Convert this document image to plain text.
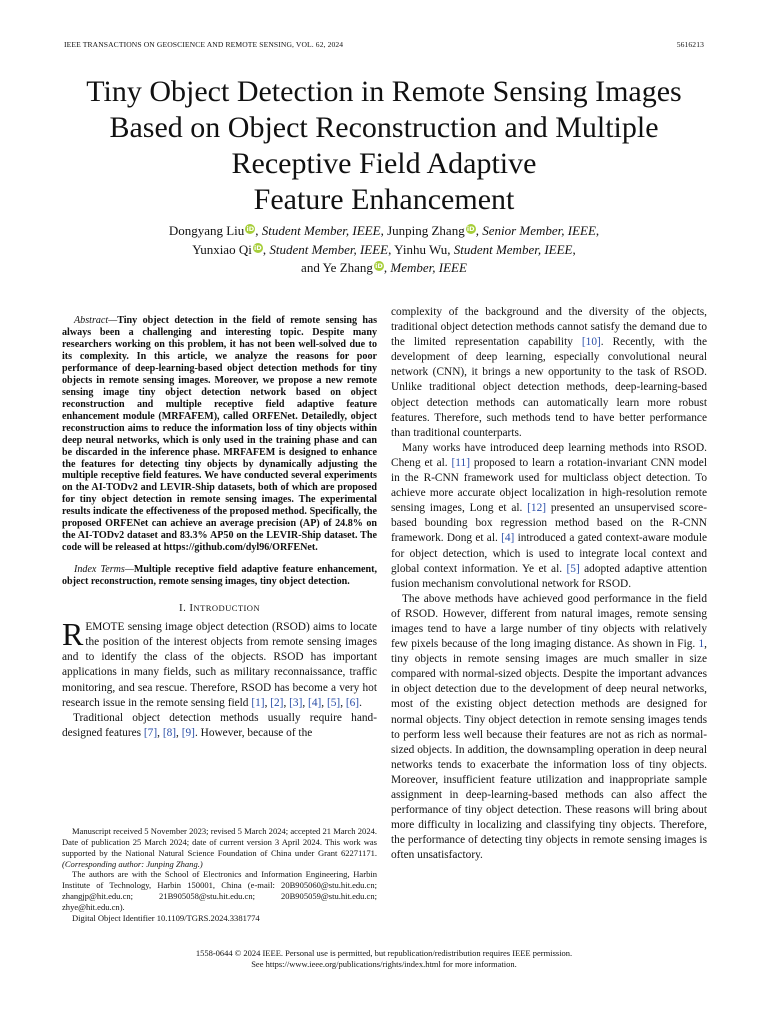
IEEE TRANSACTIONS ON GEOSCIENCE AND REMOTE SENSING, VOL. 62, 2024	5616213
Tiny Object Detection in Remote Sensing Images
Based on Object Reconstruction and Multiple
Receptive Field Adaptive
Feature Enhancement
Dongyang Liu iD, Student Member, IEEE, Junping Zhang iD, Senior Member, IEEE,
Yunxiao Qi iD, Student Member, IEEE, Yinhu Wu, Student Member, IEEE,
and Ye Zhang iD, Member, IEEE

Abstract—Tiny object detection in the field of remote sensing has always been a challenging and interesting topic. Despite many researchers working on this problem, it has not been well-solved due to its complexity. In this article, we analyze the reasons for poor performance of deep-learning-based object detection methods for tiny objects in remote sensing images. Moreover, we propose a new remote sensing image tiny object detection network based on object reconstruction and multiple receptive field adaptive feature enhancement module (MRFAFEM), called ORFENet. Detailedly, object reconstruction aims to reduce the information loss of tiny objects within deep neural networks, which is only used in the training phase and can be discarded in the inference phase. MRFAFEM is designed to enhance the features for detecting tiny objects by dynamically adjusting the multiple receptive field features. We have conducted several experiments on the AI-TODv2 and LEVIR-Ship datasets, both of which are proposed for tiny object detection in remote sensing images. The experimental results indicate the effectiveness of the proposed method. Specifically, the proposed ORFENet can achieve an average precision (AP) of 24.8% on the AI-TODv2 dataset and 83.3% AP50 on the LEVIR-Ship dataset. The code will be released at https://github.com/dyl96/ORFENet.

Index Terms—Multiple receptive field adaptive feature enhancement, object reconstruction, remote sensing images, tiny object detection.

I. INTRODUCTION

REMOTE sensing image object detection (RSOD) aims to locate the position of the interest objects from remote sensing images and to identify the class of the objects. RSOD has important applications in many fields, such as military reconnaissance, traffic monitoring, and sea rescue. Therefore, RSOD has become a very hot research issue in the remote sensing field [1], [2], [3], [4], [5], [6].

Traditional object detection methods usually require hand-designed features [7], [8], [9]. However, because of the

Manuscript received 5 November 2023; revised 5 March 2024; accepted 21 March 2024. Date of publication 25 March 2024; date of current version 3 April 2024. This work was supported by the National Natural Science Foundation of China under Grant 62271171. (Corresponding author: Junping Zhang.)

The authors are with the School of Electronics and Information Engineering, Harbin Institute of Technology, Harbin 150001, China (e-mail: 20B905060@stu.hit.edu.cn; zhangjp@hit.edu.cn; 21B905058@stu.hit.edu.cn; 20B905059@stu.hit.edu.cn; zhye@hit.edu.cn).

Digital Object Identifier 10.1109/TGRS.2024.3381774

complexity of the background and the diversity of the objects, traditional object detection methods cannot satisfy the demand due to the limited representation capability [10]. Recently, with the development of deep learning, especially convolutional neural network (CNN), it brings a new opportunity to the task of RSOD. Unlike traditional object detection methods, deep-learning-based object detection methods can automatically learn more robust features. Therefore, such methods tend to have better performance than traditional counterparts.

Many works have introduced deep learning methods into RSOD. Cheng et al. [11] proposed to learn a rotation-invariant CNN model in the R-CNN framework used for multiclass object detection. To achieve more accurate object localization in high-resolution remote sensing images, Long et al. [12] presented an unsupervised score-based bounding box regression method based on the R-CNN framework. Dong et al. [4] introduced a gated context-aware module for object detection, which is used to integrate local context and global context information. Ye et al. [5] adopted adaptive attention fusion mechanism convolutional network for RSOD.

The above methods have achieved good performance in the field of RSOD. However, different from natural images, remote sensing images tend to have a large number of tiny objects with relatively few pixels because of the long imaging distance. As shown in Fig. 1, tiny objects in remote sensing images are much smaller in size compared with normal-sized objects. Despite the important advances in object detection due to the development of deep neural networks, most of the existing object detection methods are designed for normal objects. Tiny object detection in remote sensing images tends to perform less well because their features are not as rich as normal-sized objects. In addition, the downsampling operation in deep neural networks tends to exacerbate the information loss of tiny objects. Moreover, insufficient feature utilization and inappropriate sample assignment in deep-learning-based methods can also affect the performance of tiny object detection. These reasons will bring about more difficulty in localizing and classifying tiny objects. Therefore, the performance of detecting tiny objects in remote sensing images is often unsatisfactory.

1558-0644 © 2024 IEEE. Personal use is permitted, but republication/redistribution requires IEEE permission.
See https://www.ieee.org/publications/rights/index.html for more information.
